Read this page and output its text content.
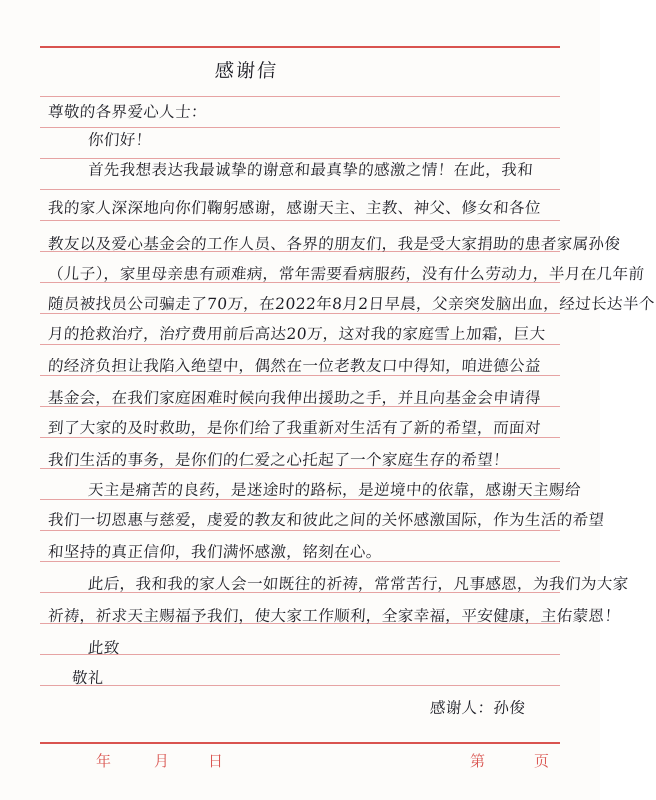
感谢信
尊敬的各界爱心人士：
你们好！
首先我想表达我最诚挚的谢意和最真挚的感激之情！在此，我和
我的家人深深地向你们鞠躬感谢，感谢天主、主教、神父、修女和各位
教友以及爱心基金会的工作人员、各界的朋友们，我是受大家捐助的患者家属孙俊
（儿子），家里母亲患有顽难病，常年需要看病服药，没有什么劳动力，半月在几年前
随员被找员公司骗走了70万，在2022年8月2日早晨，父亲突发脑出血，经过长达半个
月的抢救治疗，治疗费用前后高达20万，这对我的家庭雪上加霜，巨大
的经济负担让我陷入绝望中，偶然在一位老教友口中得知，咱进德公益
基金会，在我们家庭困难时候向我伸出援助之手，并且向基金会申请得
到了大家的及时救助，是你们给了我重新对生活有了新的希望，而面对
我们生活的事务，是你们的仁爱之心托起了一个家庭生存的希望！
天主是痛苦的良药，是迷途时的路标，是逆境中的依靠，感谢天主赐给
我们一切恩惠与慈爱，虔爱的教友和彼此之间的关怀感激国际，作为生活的希望
和坚持的真正信仰，我们满怀感激，铭刻在心。
此后，我和我的家人会一如既往的祈祷，常常苦行，凡事感恩，为我们为大家
祈祷，祈求天主赐福予我们，使大家工作顺利，全家幸福，平安健康，主佑蒙恩！
此致
敬礼
感谢人：孙俊
年	月	日	第	页
